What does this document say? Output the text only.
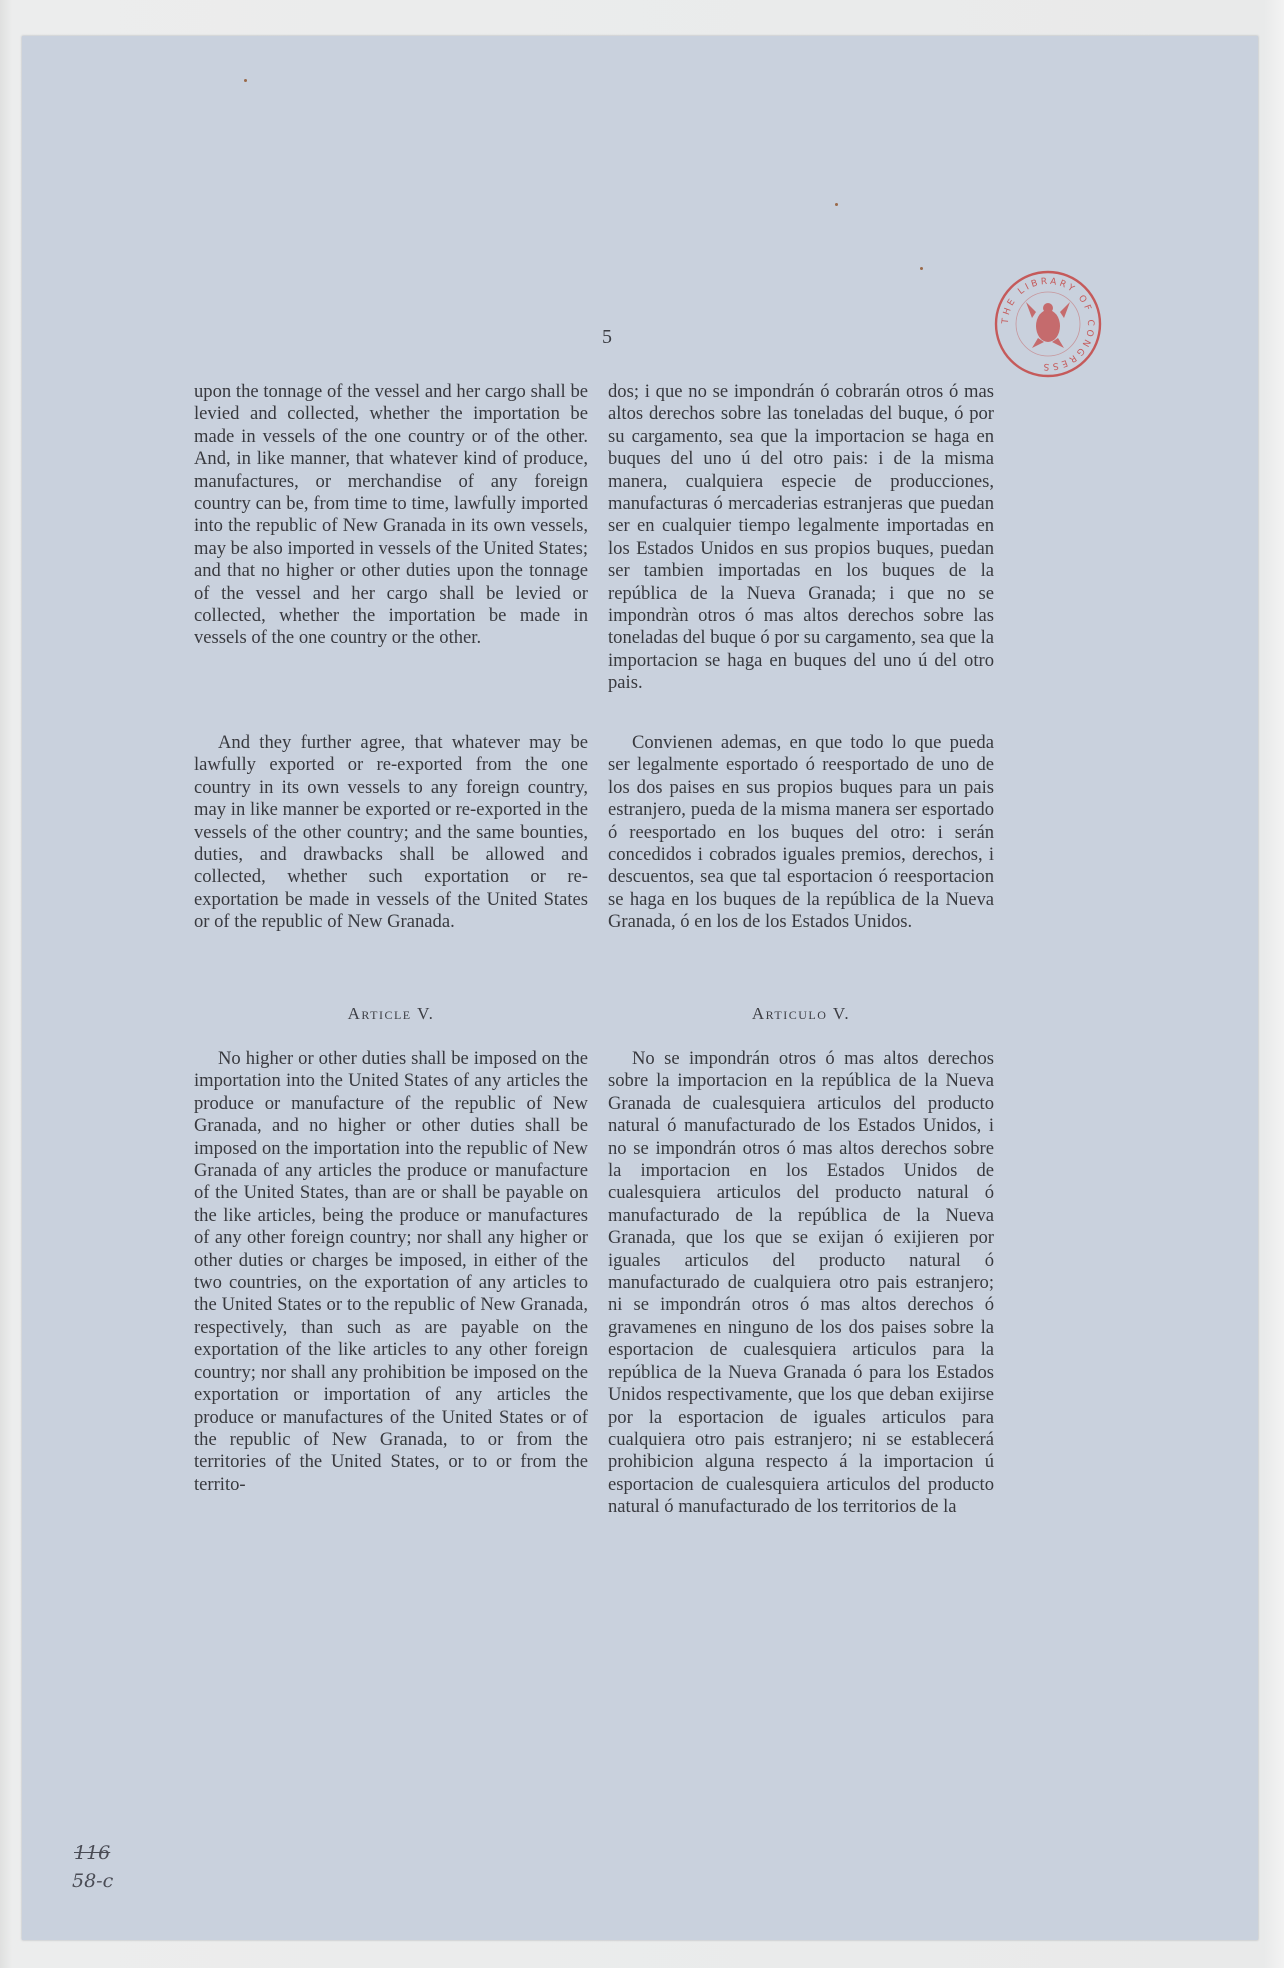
5
THE LIBRARY OF CONGRESS

upon the tonnage of the vessel and her cargo shall be levied and collected, whether the importation be made in vessels of the one country or of the other. And, in like manner, that whatever kind of produce, manufactures, or merchandise of any foreign country can be, from time to time, lawfully imported into the republic of New Granada in its own vessels, may be also imported in vessels of the United States; and that no higher or other duties upon the tonnage of the vessel and her cargo shall be levied or collected, whether the importation be made in vessels of the one country or the other.

And they further agree, that whatever may be lawfully exported or re-exported from the one country in its own vessels to any foreign country, may in like manner be exported or re-exported in the vessels of the other country; and the same bounties, duties, and drawbacks shall be allowed and collected, whether such exportation or re-exportation be made in vessels of the United States or of the republic of New Granada.

Article V.

No higher or other duties shall be imposed on the importation into the United States of any articles the produce or manufacture of the republic of New Granada, and no higher or other duties shall be imposed on the importation into the republic of New Granada of any articles the produce or manufacture of the United States, than are or shall be payable on the like articles, being the produce or manufactures of any other foreign country; nor shall any higher or other duties or charges be imposed, in either of the two countries, on the exportation of any articles to the United States or to the republic of New Granada, respectively, than such as are payable on the exportation of the like articles to any other foreign country; nor shall any prohibition be imposed on the exportation or importation of any articles the produce or manufactures of the United States or of the republic of New Granada, to or from the territories of the United States, or to or from the territo-

dos; i que no se impondrán ó cobrarán otros ó mas altos derechos sobre las toneladas del buque, ó por su cargamento, sea que la importacion se haga en buques del uno ú del otro pais: i de la misma manera, cualquiera especie de producciones, manufacturas ó mercaderias estranjeras que puedan ser en cualquier tiempo legalmente importadas en los Estados Unidos en sus propios buques, puedan ser tambien importadas en los buques de la república de la Nueva Granada; i que no se impondràn otros ó mas altos derechos sobre las toneladas del buque ó por su cargamento, sea que la importacion se haga en buques del uno ú del otro pais.

Convienen ademas, en que todo lo que pueda ser legalmente esportado ó reesportado de uno de los dos paises en sus propios buques para un pais estranjero, pueda de la misma manera ser esportado ó reesportado en los buques del otro: i serán concedidos i cobrados iguales premios, derechos, i descuentos, sea que tal esportacion ó reesportacion se haga en los buques de la república de la Nueva Granada, ó en los de los Estados Unidos.

Articulo V.

No se impondrán otros ó mas altos derechos sobre la importacion en la república de la Nueva Granada de cualesquiera articulos del producto natural ó manufacturado de los Estados Unidos, i no se impondrán otros ó mas altos derechos sobre la importacion en los Estados Unidos de cualesquiera articulos del producto natural ó manufacturado de la república de la Nueva Granada, que los que se exijan ó exijieren por iguales articulos del producto natural ó manufacturado de cualquiera otro pais estranjero; ni se impondrán otros ó mas altos derechos ó gravamenes en ninguno de los dos paises sobre la esportacion de cualesquiera articulos para la república de la Nueva Granada ó para los Estados Unidos respectivamente, que los que deban exijirse por la esportacion de iguales articulos para cualquiera otro pais estranjero; ni se establecerá prohibicion alguna respecto á la importacion ú esportacion de cualesquiera articulos del producto natural ó manufacturado de los territorios de la

116
58-c
